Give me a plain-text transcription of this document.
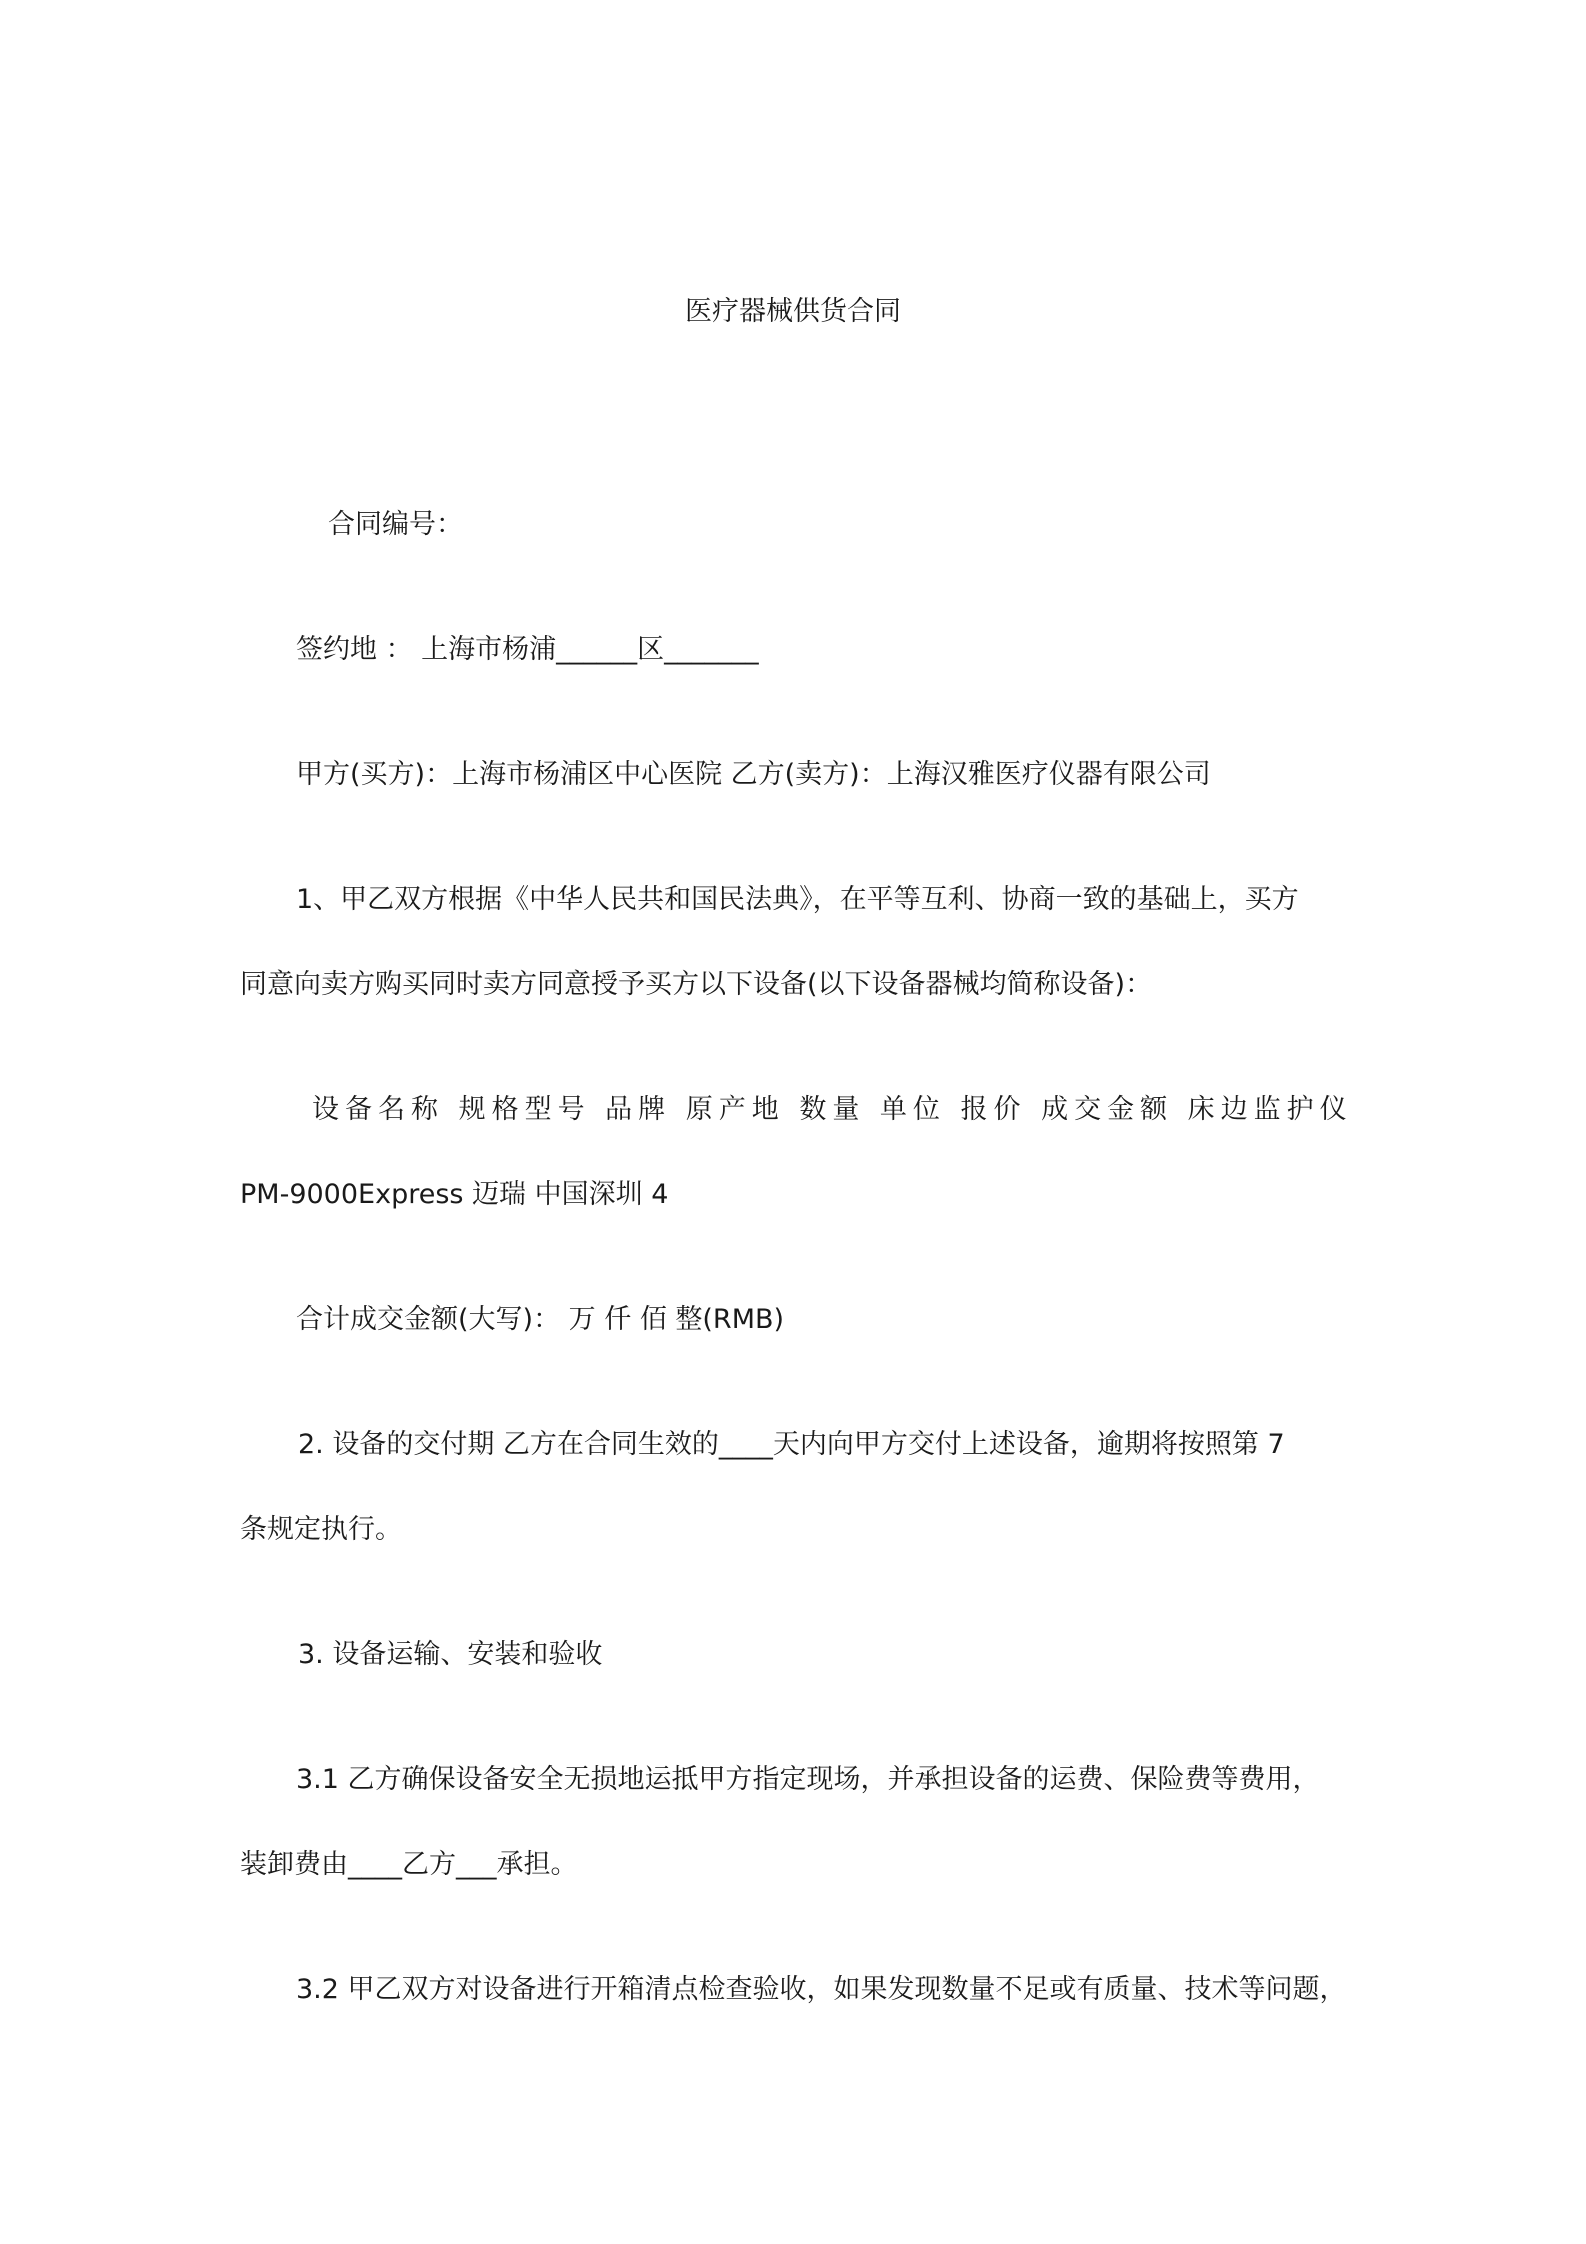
医疗器械供货合同
合同编号：
签约地 ： 上海市杨浦______区_______
甲方(买方)：上海市杨浦区中心医院 乙方(卖方)：上海汉雅医疗仪器有限公司
1、甲乙双方根据《中华人民共和国民法典》，在平等互利、协商一致的基础上，买方
同意向卖方购买同时卖方同意授予买方以下设备(以下设备器械均简称设备)：
设备名称 规格型号 品牌 原产地 数量 单位 报价 成交金额 床边监护仪
PM-9000Express 迈瑞 中国深圳 4
合计成交金额(大写)： 万 仟 佰 整(RMB)
2. 设备的交付期 乙方在合同生效的____天内向甲方交付上述设备，逾期将按照第 7
条规定执行。
3. 设备运输、安装和验收
3.1 乙方确保设备安全无损地运抵甲方指定现场，并承担设备的运费、保险费等费用，
装卸费由____乙方___承担。
3.2 甲乙双方对设备进行开箱清点检查验收，如果发现数量不足或有质量、技术等问题，
